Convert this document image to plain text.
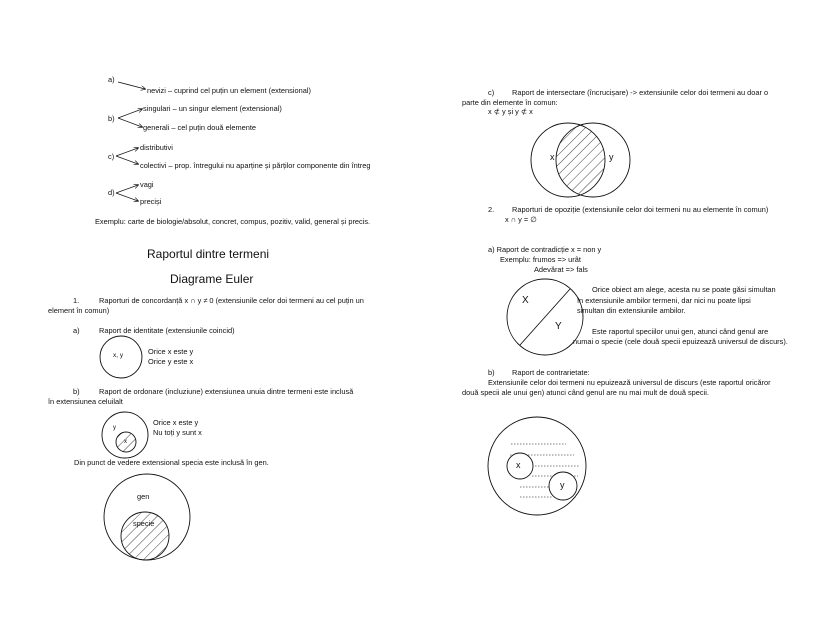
a)
nevizi – cuprind cel puțin un element (extensional)
singulari – un singur element (extensional)
b)
generali – cel puțin două elemente
distributivi
c)
colectivi – prop. întregului nu aparține și părților componente din întreg
vagi
d)
preciși
Exemplu: carte de biologie/absolut, concret, compus, pozitiv, valid, general și precis.
Raportul dintre termeni
Diagrame Euler
1.	Raporturi de concordanță x ∩ y ≠ 0 (extensiunile celor doi termeni au cel puțin un
element în comun)
a)	Raport de identitate (extensiunile coincid)
x, y	Orice x este y
Orice y este x
b)	Raport de ordonare (incluziune) extensiunea unuia dintre termeni este inclusă
în extensiunea celuilalt
y
x
Orice x este y
Nu toți y sunt x
Din punct de vedere extensional specia este inclusă în gen.
gen
specie
c) Raport de intersectare (încrucișare) -> extensiunile celor doi termeni au doar o
parte din elemente în comun:
x ⊄ y și y ⊄ x
x	y
2. Raporturi de opoziție (extensiunile celor doi termeni nu au elemente în comun)
x ∩ y = ∅
a) Raport de contradicție x = non y
Exemplu: frumos => urât
Adevărat => fals
X
Y
Orice obiect am alege, acesta nu se poate găsi simultan
în extensiunile ambilor termeni, dar nici nu poate lipsi
simultan din extensiunile ambilor.
Este raportul speciilor unui gen, atunci când genul are
numai o specie (cele două specii epuizează universul de discurs).
b) Raport de contrarietate:
Extensiunile celor doi termeni nu epuizează universul de discurs (este raportul oricăror
două specii ale unui gen) atunci când genul are nu mai mult de două specii.
x
y
